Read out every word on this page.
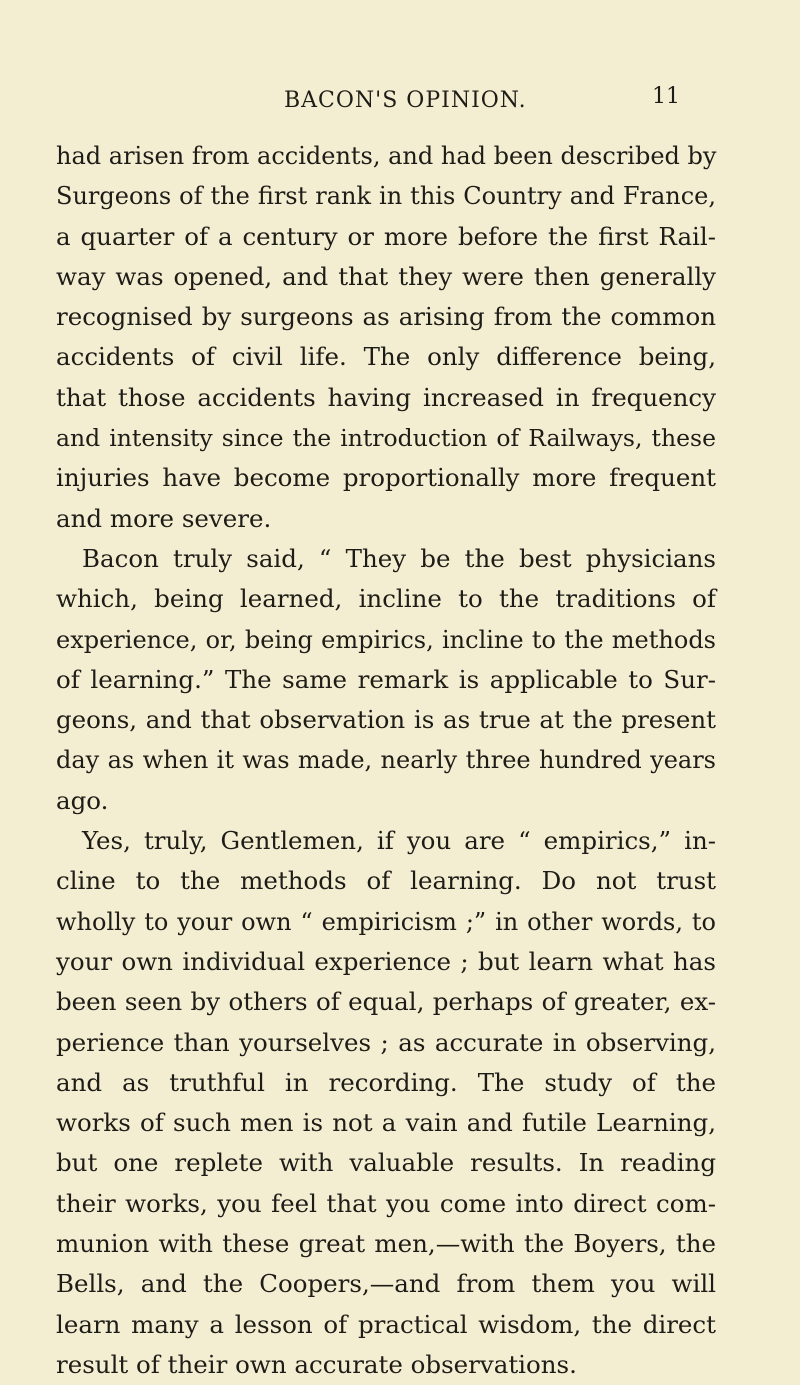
BACON'S OPINION.	11
had arisen from accidents, and had been described by
Surgeons of the first rank in this Country and France,
a quarter of a century or more before the first Rail-
way was opened, and that they were then generally
recognised by surgeons as arising from the common
accidents of civil life. The only difference being,
that those accidents having increased in frequency
and intensity since the introduction of Railways, these
injuries have become proportionally more frequent
and more severe.
Bacon truly said, “ They be the best physicians
which, being learned, incline to the traditions of
experience, or, being empirics, incline to the methods
of learning.” The same remark is applicable to Sur-
geons, and that observation is as true at the present
day as when it was made, nearly three hundred years
ago.
Yes, truly, Gentlemen, if you are “ empirics,” in-
cline to the methods of learning. Do not trust
wholly to your own “ empiricism ;” in other words, to
your own individual experience ; but learn what has
been seen by others of equal, perhaps of greater, ex-
perience than yourselves ; as accurate in observing,
and as truthful in recording. The study of the
works of such men is not a vain and futile Learning,
but one replete with valuable results. In reading
their works, you feel that you come into direct com-
munion with these great men,—with the Boyers, the
Bells, and the Coopers,—and from them you will
learn many a lesson of practical wisdom, the direct
result of their own accurate observations.
